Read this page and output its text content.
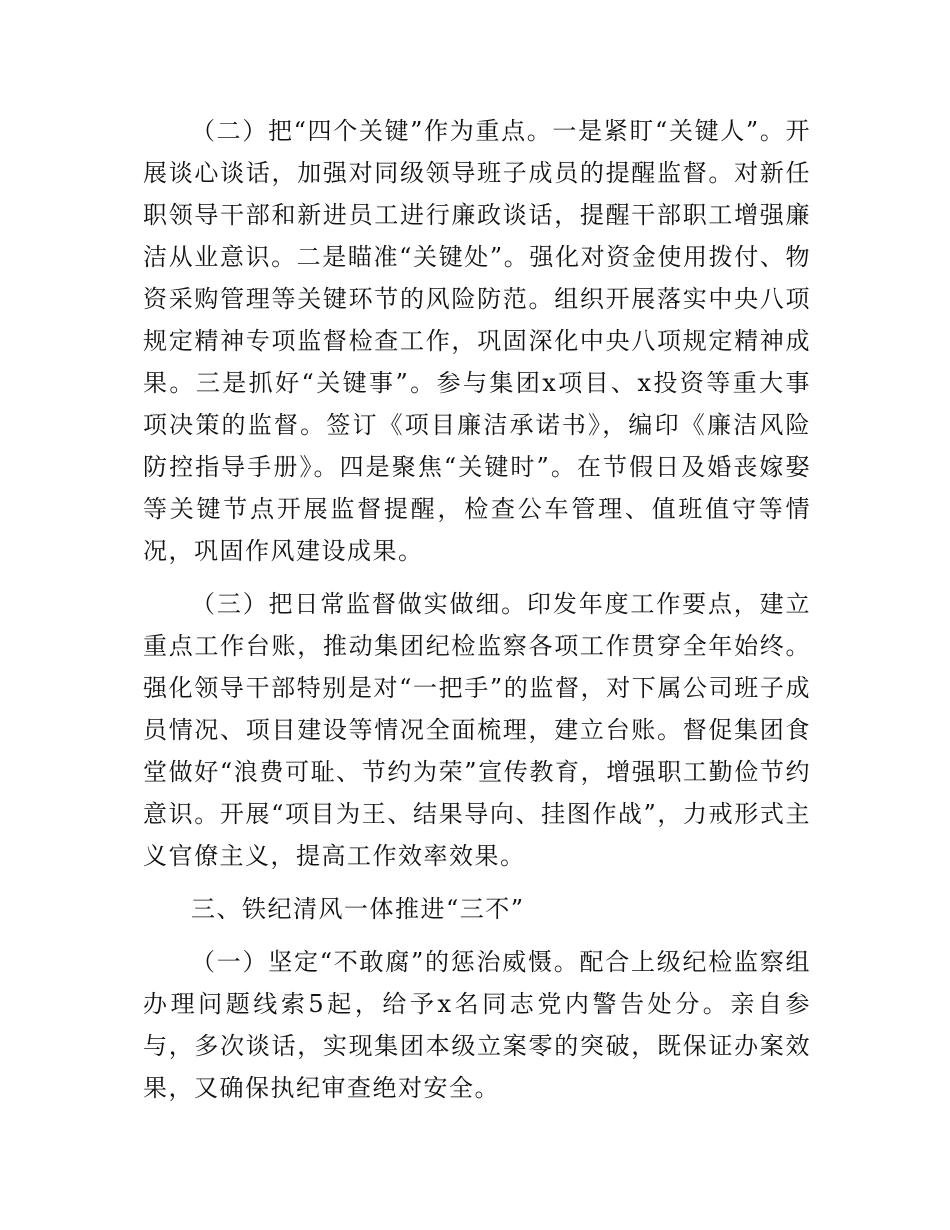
（二）把“四个关键”作为重点。一是紧盯“关键人”。开展谈心谈话，加强对同级领导班子成员的提醒监督。对新任职领导干部和新进员工进行廉政谈话，提醒干部职工增强廉洁从业意识。二是瞄准“关键处”。强化对资金使用拨付、物资采购管理等关键环节的风险防范。组织开展落实中央八项规定精神专项监督检查工作，巩固深化中央八项规定精神成果。三是抓好“关键事”。参与集团x项目、x投资等重大事项决策的监督。签订《项目廉洁承诺书》，编印《廉洁风险防控指导手册》。四是聚焦“关键时”。在节假日及婚丧嫁娶等关键节点开展监督提醒，检查公车管理、值班值守等情况，巩固作风建设成果。

（三）把日常监督做实做细。印发年度工作要点，建立重点工作台账，推动集团纪检监察各项工作贯穿全年始终。强化领导干部特别是对“一把手”的监督，对下属公司班子成员情况、项目建设等情况全面梳理，建立台账。督促集团食堂做好“浪费可耻、节约为荣”宣传教育，增强职工勤俭节约意识。开展“项目为王、结果导向、挂图作战”，力戒形式主义官僚主义，提高工作效率效果。

三、铁纪清风一体推进“三不”

（一）坚定“不敢腐”的惩治威慑。配合上级纪检监察组办理问题线索5起，给予x名同志党内警告处分。亲自参与，多次谈话，实现集团本级立案零的突破，既保证办案效果，又确保执纪审查绝对安全。
